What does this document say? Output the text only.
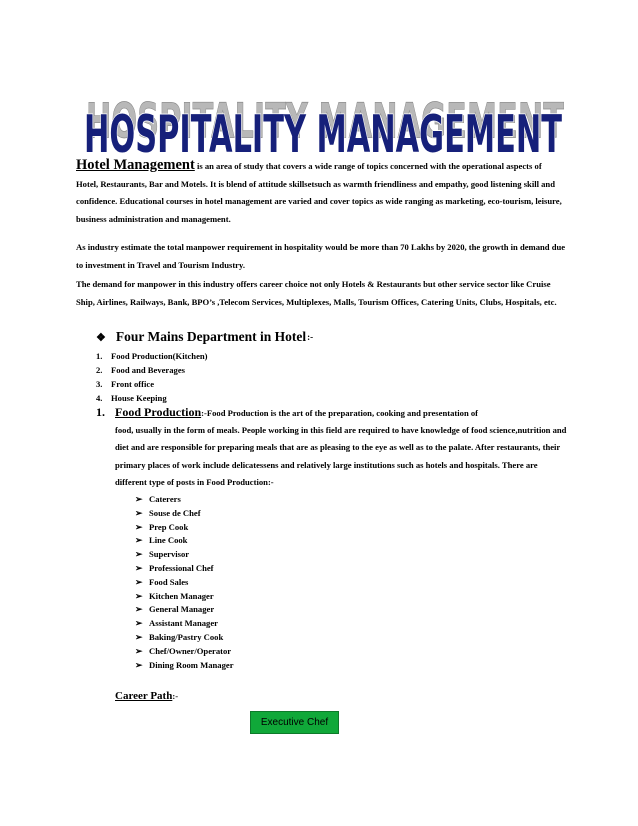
HOSPITALITY MANAGEMENT
HOSPITALITY MANAGEMENT

Hotel Management is an area of study that covers a wide range of topics concerned with the operational aspects of Hotel, Restaurants, Bar and Motels. It is blend of attitude skillsetsuch as warmth friendliness and empathy, good listening skill and confidence. Educational courses in hotel management are varied and cover topics as wide ranging as marketing, eco-tourism, leisure, business administration and management.

As industry estimate the total manpower requirement in hospitality would be more than 70 Lakhs by 2020, the growth in demand due to investment in Travel and Tourism Industry.

The demand for manpower in this industry offers career choice not only Hotels & Restaurants but other service sector like Cruise Ship, Airlines, Railways, Bank, BPO’s ,Telecom Services, Multiplexes, Malls, Tourism Offices, Catering Units, Clubs, Hospitals, etc.

❖ Four Mains Department in Hotel :-
1. Food Production(Kitchen)
2. Food and Beverages
3. Front office
4. House Keeping
1. Food Production :-Food Production is the art of the preparation, cooking and presentation of
food, usually in the form of meals. People working in this field are required to have knowledge of food science,nutrition and diet and are responsible for preparing meals that are as pleasing to the eye as well as to the palate. After restaurants, their primary places of work include delicatessens and relatively large institutions such as hotels and hospitals. There are different type of posts in Food Production:-
➢ Caterers
➢ Souse de Chef
➢ Prep Cook
➢ Line Cook
➢ Supervisor
➢ Professional Chef
➢ Food Sales
➢ Kitchen Manager
➢ General Manager
➢ Assistant Manager
➢ Baking/Pastry Cook
➢ Chef/Owner/Operator
➢ Dining Room Manager
Career Path:-
Executive Chef
